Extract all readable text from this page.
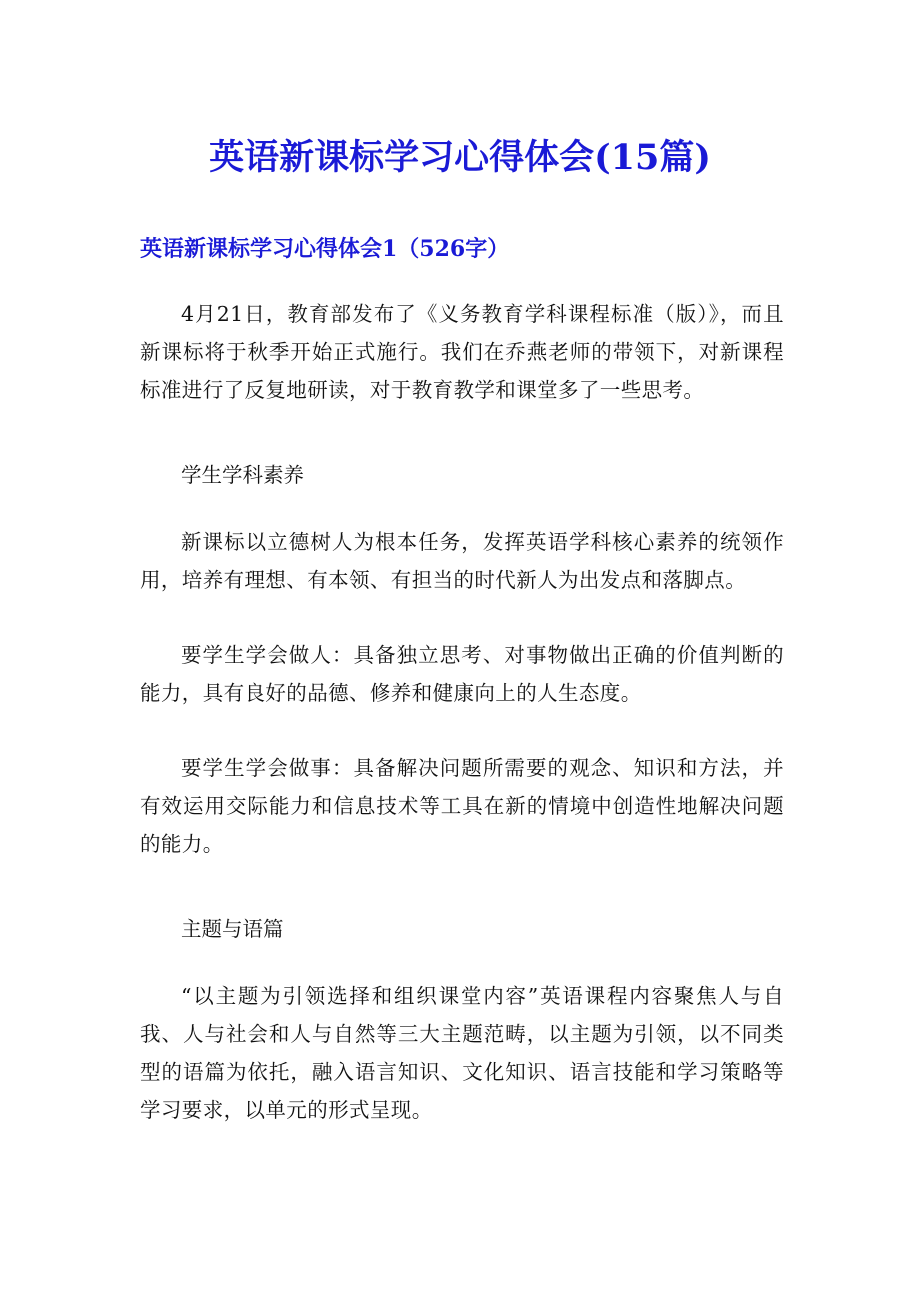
英语新课标学习心得体会(15篇)
英语新课标学习心得体会1（526字）

4月21日，教育部发布了《义务教育学科课程标准（版）》，而且新课标将于秋季开始正式施行。我们在乔燕老师的带领下，对新课程标准进行了反复地研读，对于教育教学和课堂多了一些思考。

学生学科素养

新课标以立德树人为根本任务，发挥英语学科核心素养的统领作用，培养有理想、有本领、有担当的时代新人为出发点和落脚点。

要学生学会做人：具备独立思考、对事物做出正确的价值判断的能力，具有良好的品德、修养和健康向上的人生态度。

要学生学会做事：具备解决问题所需要的观念、知识和方法，并有效运用交际能力和信息技术等工具在新的情境中创造性地解决问题的能力。

主题与语篇

“以主题为引领选择和组织课堂内容”英语课程内容聚焦人与自我、人与社会和人与自然等三大主题范畴，以主题为引领，以不同类型的语篇为依托，融入语言知识、文化知识、语言技能和学习策略等学习要求，以单元的形式呈现。
